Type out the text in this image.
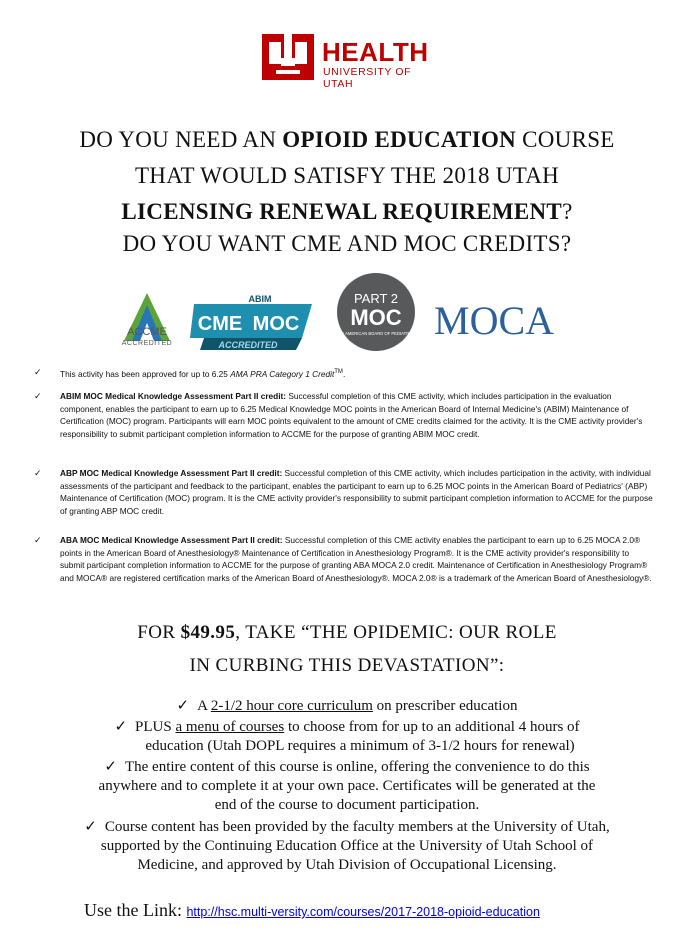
HEALTH
UNIVERSITY OF UTAH
DO YOU NEED AN OPIOID EDUCATION COURSE
THAT WOULD SATISFY THE 2018 UTAH
LICENSING RENEWAL REQUIREMENT?
DO YOU WANT CME AND MOC CREDITS?
ACCME
ACCREDITED
ABIM
CME MOC
ACCREDITED
PART 2
MOC
THE AMERICAN BOARD OF PEDIATRICS MOCA
✓ This activity has been approved for up to 6.25 AMA PRA Category 1 Credit™.
✓ ABIM MOC Medical Knowledge Assessment Part II credit: Successful completion of this CME activity, which includes participation in the evaluation component, enables the participant to earn up to 6.25 Medical Knowledge MOC points in the American Board of Internal Medicine's (ABIM) Maintenance of Certification (MOC) program. Participants will earn MOC points equivalent to the amount of CME credits claimed for the activity. It is the CME activity provider's responsibility to submit participant completion information to ACCME for the purpose of granting ABIM MOC credit.
✓ ABP MOC Medical Knowledge Assessment Part II credit: Successful completion of this CME activity, which includes participation in the activity, with individual assessments of the participant and feedback to the participant, enables the participant to earn up to 6.25 MOC points in the American Board of Pediatrics' (ABP) Maintenance of Certification (MOC) program. It is the CME activity provider's responsibility to submit participant completion information to ACCME for the purpose of granting ABP MOC credit.
✓ ABA MOC Medical Knowledge Assessment Part II credit: Successful completion of this CME activity enables the participant to earn up to 6.25 MOCA 2.0® points in the American Board of Anesthesiology® Maintenance of Certification in Anesthesiology Program®. It is the CME activity provider's responsibility to submit participant completion information to ACCME for the purpose of granting ABA MOCA 2.0 credit. Maintenance of Certification in Anesthesiology Program® and MOCA® are registered certification marks of the American Board of Anesthesiology®. MOCA 2.0® is a trademark of the American Board of Anesthesiology®.
FOR $49.95, TAKE “THE OPIDEMIC: OUR ROLE
IN CURBING THIS DEVASTATION”:
✓ A 2-1/2 hour core curriculum on prescriber education
✓ PLUS a menu of courses to choose from for up to an additional 4 hours of
education (Utah DOPL requires a minimum of 3-1/2 hours for renewal)
✓ The entire content of this course is online, offering the convenience to do this
anywhere and to complete it at your own pace. Certificates will be generated at the
end of the course to document participation.
✓ Course content has been provided by the faculty members at the University of Utah,
supported by the Continuing Education Office at the University of Utah School of
Medicine, and approved by Utah Division of Occupational Licensing.
Use the Link: http://hsc.multi-versity.com/courses/2017-2018-opioid-education
